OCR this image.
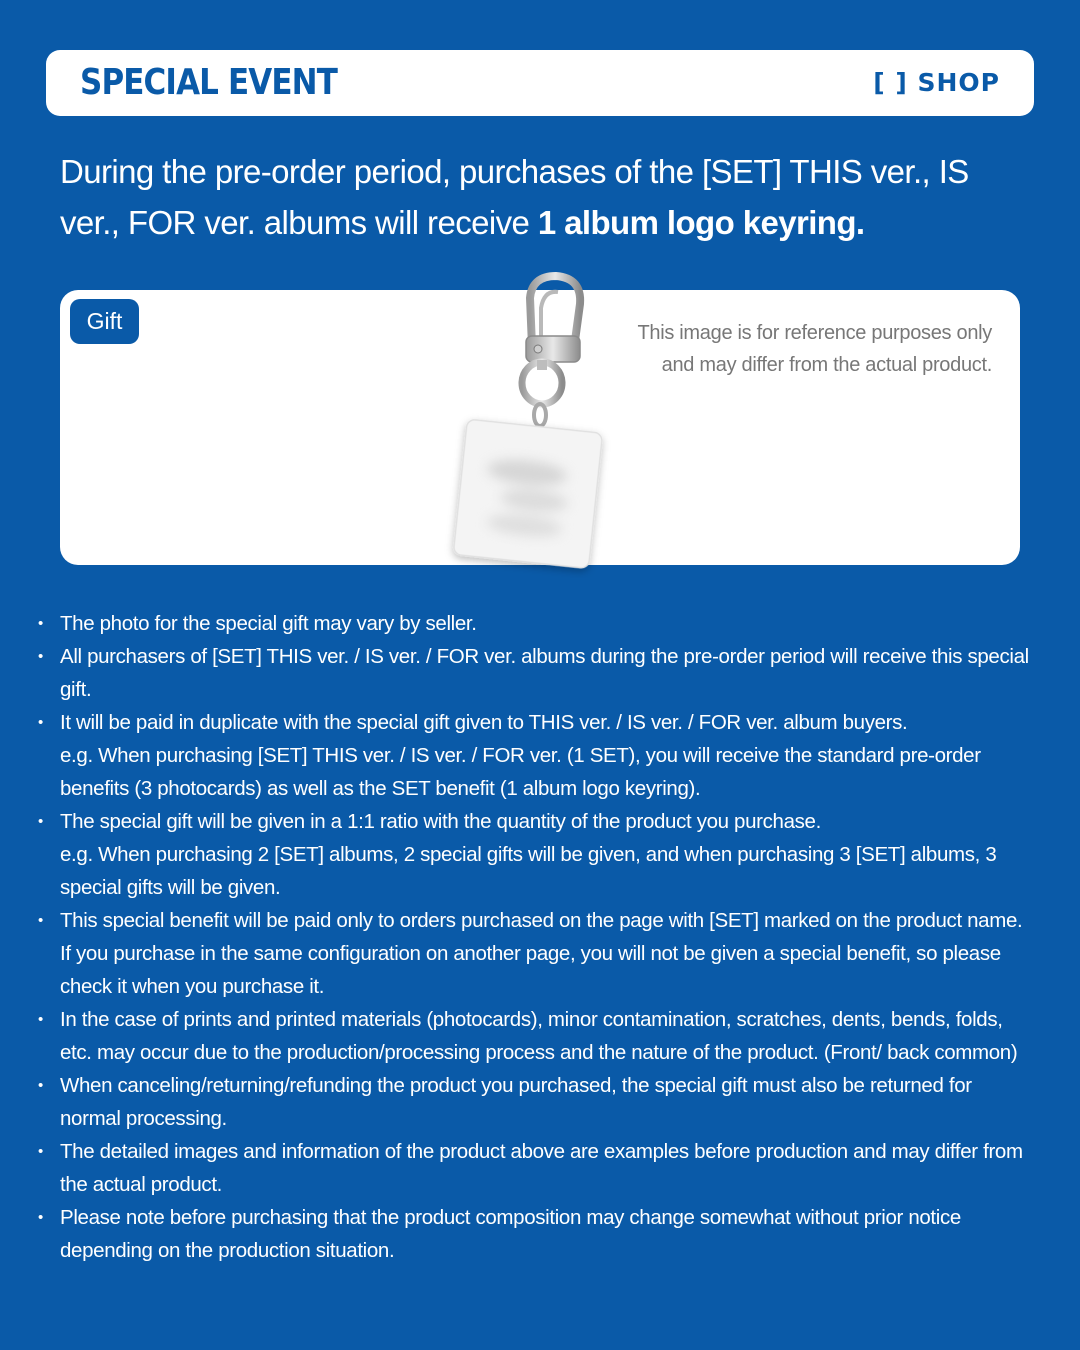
SPECIAL EVENT	[ ] SHOP
During the pre-order period, purchases of the [SET] THIS ver., IS ver., FOR ver. albums will receive 1 album logo keyring.
Gift	This image is for reference purposes only
and may differ from the actual product.
• The photo for the special gift may vary by seller.
• All purchasers of [SET] THIS ver. / IS ver. / FOR ver. albums during the pre-order period will receive this special gift.
• It will be paid in duplicate with the special gift given to THIS ver. / IS ver. / FOR ver. album buyers.
e.g. When purchasing [SET] THIS ver. / IS ver. / FOR ver. (1 SET), you will receive the standard pre-order benefits (3 photocards) as well as the SET benefit (1 album logo keyring).
• The special gift will be given in a 1:1 ratio with the quantity of the product you purchase.
e.g. When purchasing 2 [SET] albums, 2 special gifts will be given, and when purchasing 3 [SET] albums, 3 special gifts will be given.
• This special benefit will be paid only to orders purchased on the page with [SET] marked on the product name. If you purchase in the same configuration on another page, you will not be given a special benefit, so please check it when you purchase it.
• In the case of prints and printed materials (photocards), minor contamination, scratches, dents, bends, folds, etc. may occur due to the production/processing process and the nature of the product. (Front/ back common)
• When canceling/returning/refunding the product you purchased, the special gift must also be returned for normal processing.
• The detailed images and information of the product above are examples before production and may differ from the actual product.
• Please note before purchasing that the product composition may change somewhat without prior notice depending on the production situation.
